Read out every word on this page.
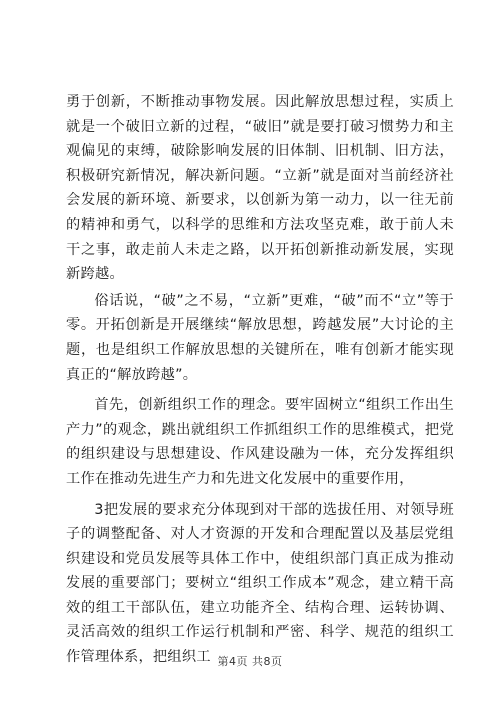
勇于创新，不断推动事物发展。因此解放思想过程，实质上就是一个破旧立新的过程，“破旧”就是要打破习惯势力和主观偏见的束缚，破除影响发展的旧体制、旧机制、旧方法，积极研究新情况，解决新问题。“立新”就是面对当前经济社会发展的新环境、新要求，以创新为第一动力，以一往无前的精神和勇气，以科学的思维和方法攻坚克难，敢于前人未干之事，敢走前人未走之路，以开拓创新推动新发展，实现新跨越。

俗话说，“破”之不易，“立新”更难，“破”而不“立”等于零。开拓创新是开展继续“解放思想，跨越发展”大讨论的主题，也是组织工作解放思想的关键所在，唯有创新才能实现真正的“解放跨越”。

首先，创新组织工作的理念。要牢固树立“组织工作出生产力”的观念，跳出就组织工作抓组织工作的思维模式，把党的组织建设与思想建设、作风建设融为一体，充分发挥组织工作在推动先进生产力和先进文化发展中的重要作用，

3把发展的要求充分体现到对干部的选拔任用、对领导班子的调整配备、对人才资源的开发和合理配置以及基层党组织建设和党员发展等具体工作中，使组织部门真正成为推动发展的重要部门；要树立“组织工作成本”观念，建立精干高效的组工干部队伍，建立功能齐全、结构合理、运转协调、灵活高效的组织工作运行机制和严密、科学、规范的组织工作管理体系，把组织工 第4页 共8页
